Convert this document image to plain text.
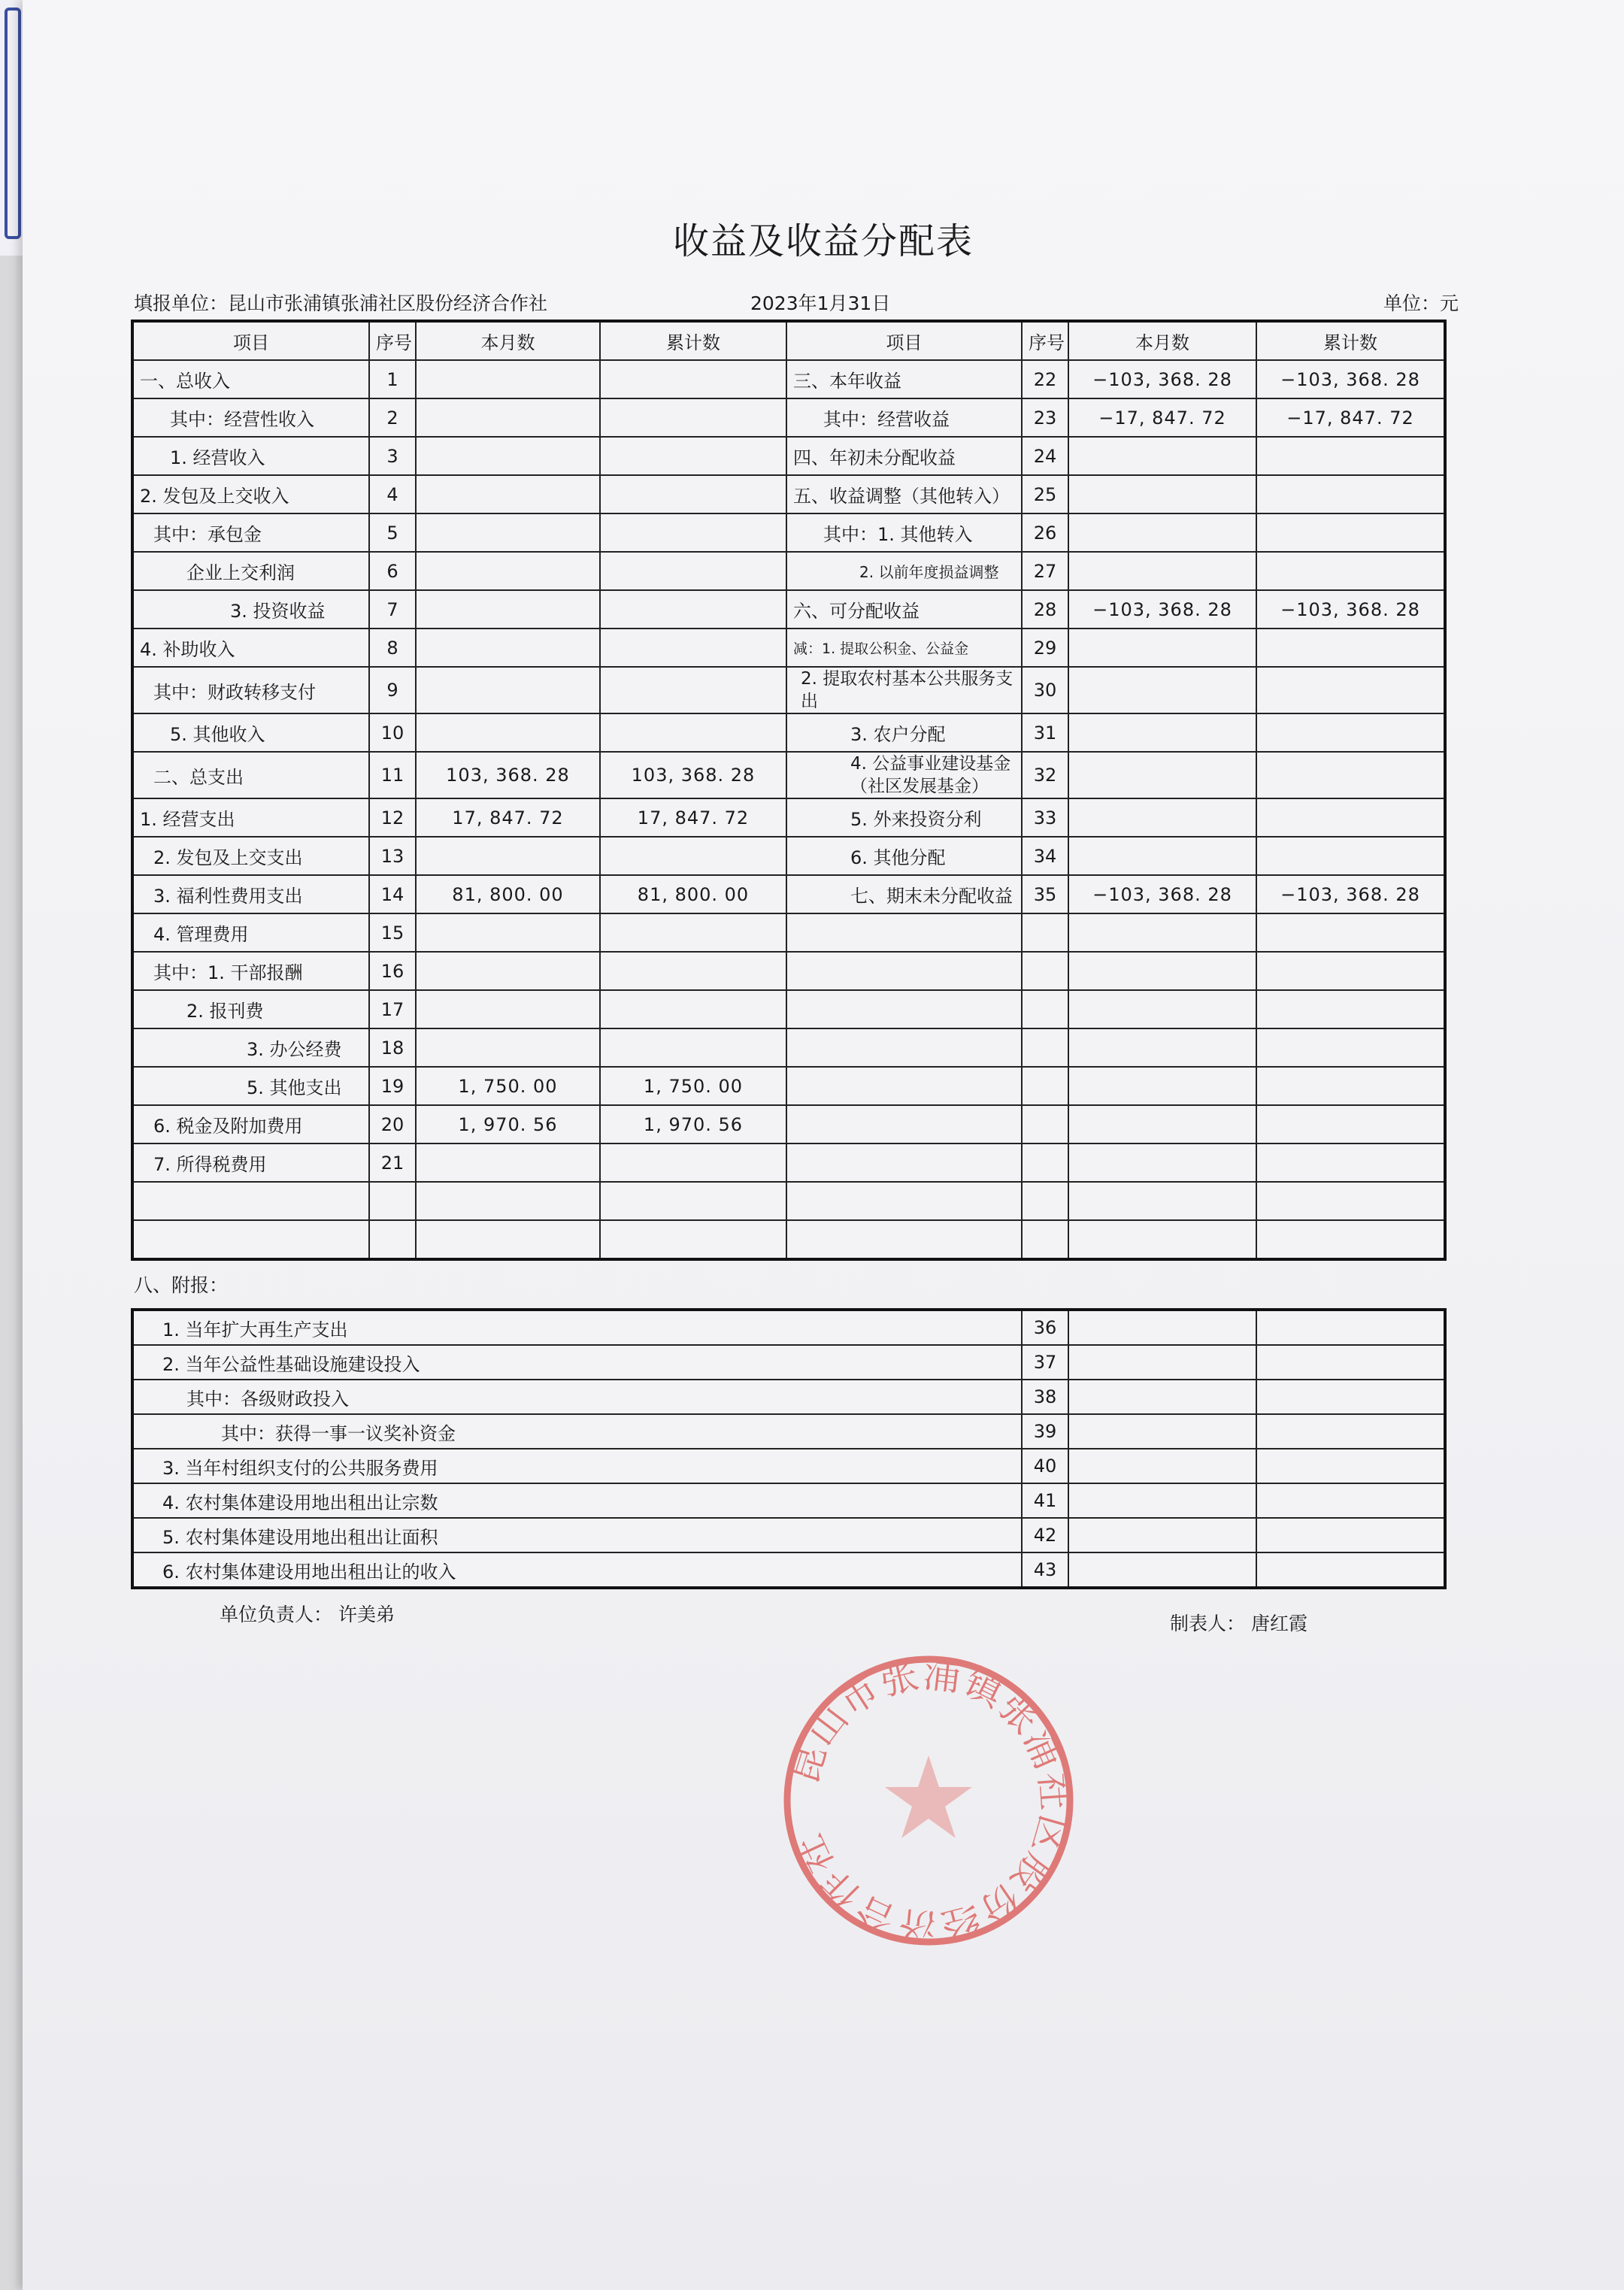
收益及收益分配表
填报单位：昆山市张浦镇张浦社区股份经济合作社	2023年1月31日	单位：元
项目	序号	本月数	累计数	项目	序号	本月数	累计数
一、总收入	1			三、本年收益	22	−103, 368. 28	−103, 368. 28
其中：经营性收入	2			其中：经营收益	23	−17, 847. 72	−17, 847. 72
1. 经营收入	3			四、年初未分配收益	24		
2. 发包及上交收入	4			五、收益调整（其他转入）	25		
其中：承包金	5			其中：1. 其他转入	26		
企业上交利润	6			2. 以前年度损益调整	27		
3. 投资收益	7			六、可分配收益	28	−103, 368. 28	−103, 368. 28
4. 补助收入	8			减：1. 提取公积金、公益金	29		
其中：财政转移支付	9			2. 提取农村基本公共服务支出	30		
5. 其他收入	10			3. 农户分配	31		
二、总支出	11	103, 368. 28	103, 368. 28	4. 公益事业建设基金（社区发展基金）	32		
1. 经营支出	12	17, 847. 72	17, 847. 72	5. 外来投资分利	33		
2. 发包及上交支出	13			6. 其他分配	34		
3. 福利性费用支出	14	81, 800. 00	81, 800. 00	七、期末未分配收益	35	−103, 368. 28	−103, 368. 28
4. 管理费用	15						
其中：1. 干部报酬	16						
2. 报刊费	17						
3. 办公经费	18						
5. 其他支出	19	1, 750. 00	1, 750. 00				
6. 税金及附加费用	20	1, 970. 56	1, 970. 56				
7. 所得税费用	21						

八、附报：
1. 当年扩大再生产支出	36		
2. 当年公益性基础设施建设投入	37		
其中：各级财政投入	38		
其中：获得一事一议奖补资金	39		
3. 当年村组织支付的公共服务费用	40		
4. 农村集体建设用地出租出让宗数	41		
5. 农村集体建设用地出租出让面积	42		
6. 农村集体建设用地出租出让的收入	43		
单位负责人： 许美弟	制表人： 唐红霞
昆山市张浦镇张浦社区股份经济合作社
